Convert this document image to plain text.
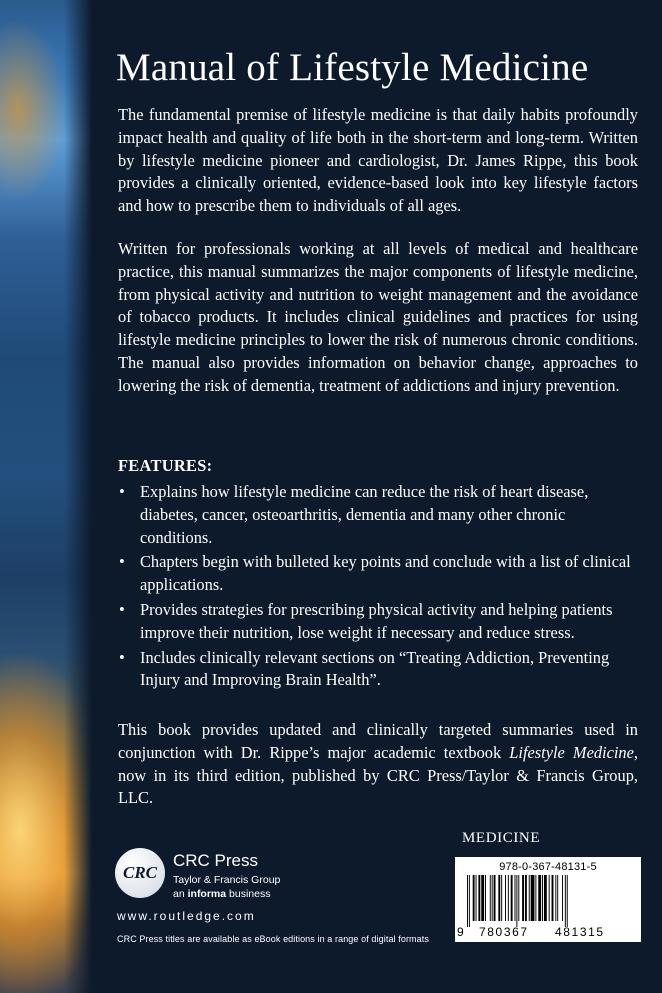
Manual of Lifestyle Medicine

The fundamental premise of lifestyle medicine is that daily habits profoundly impact health and quality of life both in the short-term and long-term. Written by lifestyle medicine pioneer and cardiologist, Dr. James Rippe, this book provides a clinically oriented, evidence-based look into key lifestyle factors and how to prescribe them to individuals of all ages.

Written for professionals working at all levels of medical and healthcare practice, this manual summarizes the major components of lifestyle medicine, from physical activity and nutrition to weight management and the avoidance of tobacco products. It includes clinical guidelines and practices for using lifestyle medicine principles to lower the risk of numerous chronic conditions. The manual also provides information on behavior change, approaches to lowering the risk of dementia, treatment of addictions and injury prevention.

FEATURES:

• Explains how lifestyle medicine can reduce the risk of heart disease, diabetes, cancer, osteoarthritis, dementia and many other chronic conditions.
• Chapters begin with bulleted key points and conclude with a list of clinical applications.
• Provides strategies for prescribing physical activity and helping patients improve their nutrition, lose weight if necessary and reduce stress.
• Includes clinically relevant sections on “Treating Addiction, Preventing Injury and Improving Brain Health”.

This book provides updated and clinically targeted summaries used in conjunction with Dr. Rippe’s major academic textbook Lifestyle Medicine, now in its third edition, published by CRC Press/Taylor & Francis Group, LLC.

MEDICINE
978-0-367-48131-5
9 780367 481315
CRC
CRC Press
Taylor & Francis Group
an informa business
www.routledge.com
CRC Press titles are available as eBook editions in a range of digital formats
